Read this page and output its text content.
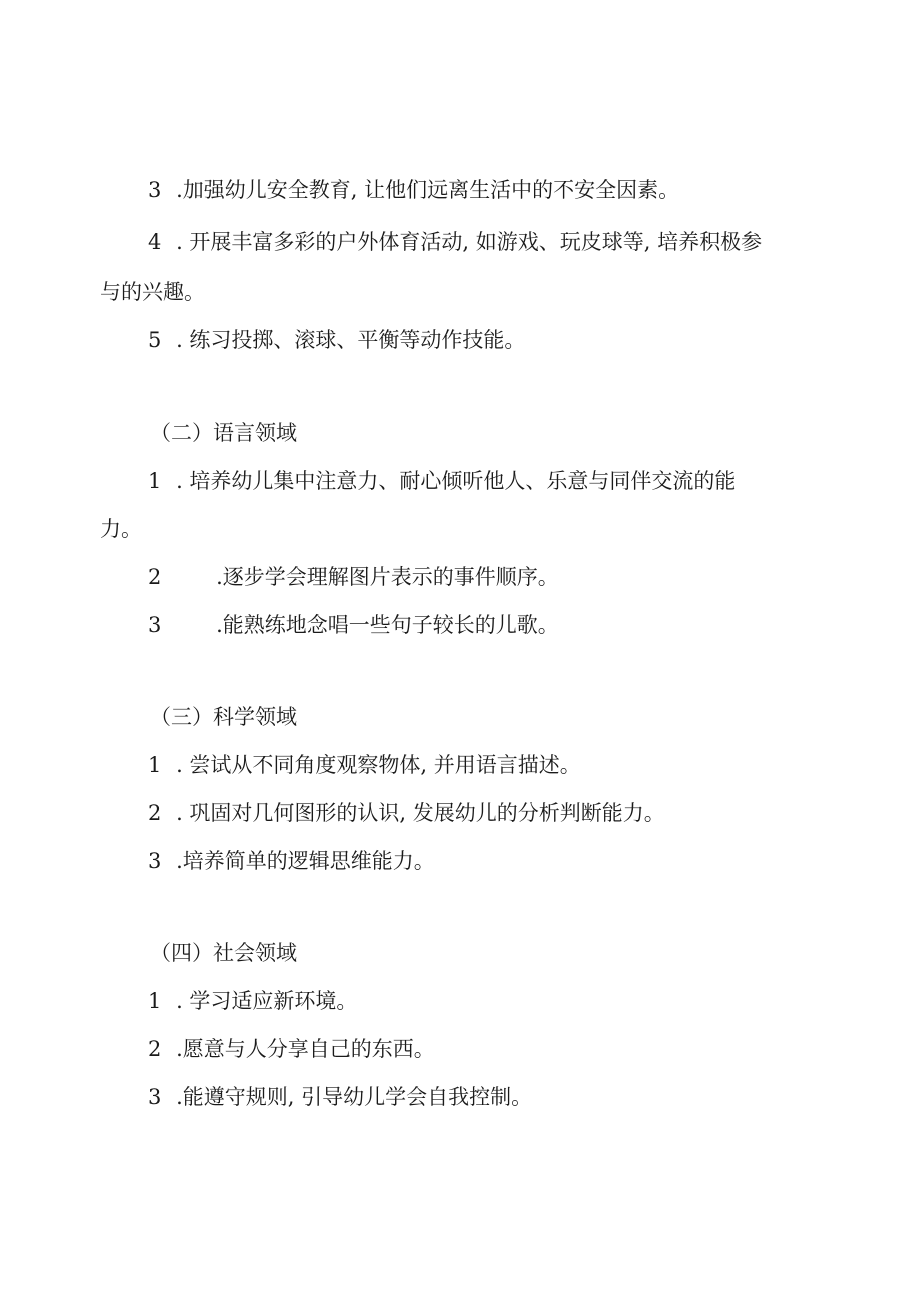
3 .加强幼儿安全教育, 让他们远离生活中的不安全因素。
4 . 开展丰富多彩的户外体育活动, 如游戏、玩皮球等, 培养积极参
与的兴趣。
5 . 练习投掷、滚球、平衡等动作技能。
（二）语言领域
1 . 培养幼儿集中注意力、耐心倾听他人、乐意与同伴交流的能
力。
2	.逐步学会理解图片表示的事件顺序。
3	.能熟练地念唱一些句子较长的儿歌。
（三）科学领域
1 . 尝试从不同角度观察物体, 并用语言描述。
2 . 巩固对几何图形的认识, 发展幼儿的分析判断能力。
3 .培养简单的逻辑思维能力。
（四）社会领域
1 . 学习适应新环境。
2 .愿意与人分享自己的东西。
3 .能遵守规则, 引导幼儿学会自我控制。
